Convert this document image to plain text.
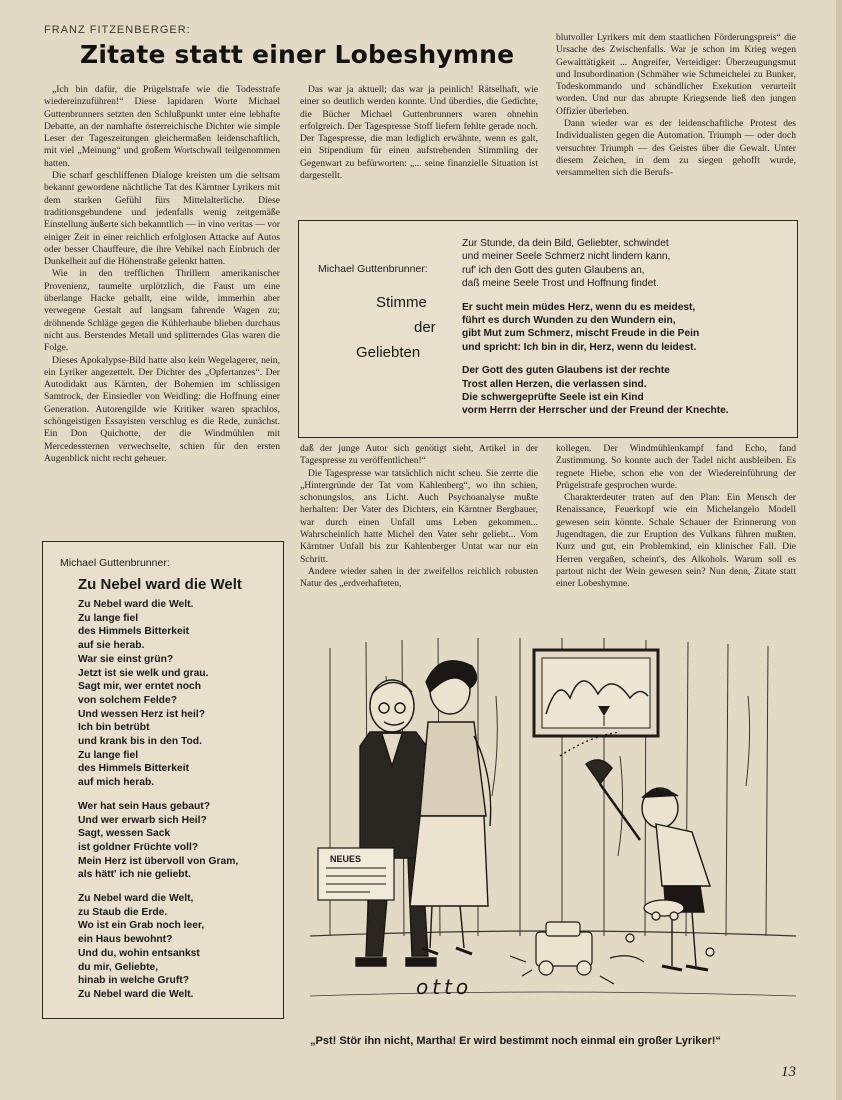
FRANZ FITZENBERGER:
Zitate statt einer Lobeshymne

„Ich bin dafür, die Prügelstrafe wie die Todesstrafe wiedereinzuführen!“ Diese lapidaren Worte Michael Guttenbrunners setzten den Schlußpunkt unter eine lebhafte Debatte, an der namhafte österreichische Dichter wie simple Leser der Tageszeitungen gleichermaßen leidenschaftlich, mit viel „Meinung“ und großem Wortschwall teilgenommen hatten.

Die scharf geschliffenen Dialoge kreisten um die seltsam bekannt gewordene nächtliche Tat des Kärntner Lyrikers mit dem starken Gefühl fürs Mittelalterliche. Diese traditionsgebundene und jedenfalls wenig zeitgemäße Einstellung äußerte sich bekanntlich — in vino veritas — vor einiger Zeit in einer reichlich erfolglosen Attacke auf Autos oder besser Chauffeure, die ihre Vehikel nach Einbruch der Dunkelheit auf die Höhenstraße gelenkt hatten.

Wie in den trefflichen Thrillern amerikanischer Provenienz, taumelte urplötzlich, die Faust um eine überlange Hacke geballt, eine wilde, immerhin aber verwegene Gestalt auf langsam fahrende Wagen zu; dröhnende Schläge gegen die Kühlerhaube blieben durchaus nicht aus. Berstendes Metall und splitterndes Glas waren die Folge.

Dieses Apokalypse-Bild hatte also kein Wegelagerer, nein, ein Lyriker angezettelt. Der Dichter des „Opfertanzes“. Der Autodidakt aus Kärnten, der Bohemien im schlissigen Samtrock, der Einsiedler von Weidling: die Hoffnung einer Generation. Autorengilde wie Kritiker waren sprachlos, schöngeistigen Essayisten verschlug es die Rede, zunächst. Ein Don Quichotte, der die Windmühlen mit Mercedessternen verwechselte, schien für den ersten Augenblick nicht recht geheuer.

Das war ja aktuell; das war ja peinlich! Rätselhaft, wie einer so deutlich werden konnte. Und überdies, die Gedichte, die Bücher Michael Guttenbrunners waren ohnehin erfolgreich. Der Tagespresse Stoff liefern fehlte gerade noch. Der Tagespresse, die man lediglich erwähnte, wenn es galt, ein Stipendium für einen aufstrebenden Stimmling der Gegenwart zu befürworten: „... seine finanzielle Situation ist dargestellt.

blutvoller Lyrikers mit dem staatlichen Förderungspreis“ die Ursache des Zwischenfalls. War je schon im Krieg wegen Gewalttätigkeit ... Angreifer, Verteidiger: Überzeugungsmut und Insubordination (Schmäher wie Schmeichelei zu Bunker, Todeskommando und schändlicher Exekution verurteilt worden. Und nur das abrupte Kriegsende ließ den jungen Offizier überleben.

Dann wieder war es der leidenschaftliche Protest des Individualisten gegen die Automation. Triumph — oder doch versuchter Triumph — des Geistes über die Gewalt. Unter diesem Zeichen, in dem zu siegen gehofft wurde, versammelten sich die Berufs-

Michael Guttenbrunner:
Stimme
der
Geliebten
Zur Stunde, da dein Bild, Geliebter, schwindet
und meiner Seele Schmerz nicht lindern kann,
ruf' ich den Gott des guten Glaubens an,
daß meine Seele Trost und Hoffnung findet.
Er sucht mein müdes Herz, wenn du es meidest,
führt es durch Wunden zu den Wundern ein,
gibt Mut zum Schmerz, mischt Freude in die Pein
und spricht: Ich bin in dir, Herz, wenn du leidest.
Der Gott des guten Glaubens ist der rechte
Trost allen Herzen, die verlassen sind.
Die schwergeprüfte Seele ist ein Kind
vorm Herrn der Herrscher und der Freund der Knechte.

daß der junge Autor sich genötigt sieht, Artikel in der Tagespresse zu veröffentlichen!“

Die Tagespresse war tatsächlich nicht scheu. Sie zerrte die „Hintergründe der Tat vom Kahlenberg“, wo ihn schien, schonungslos, ans Licht. Auch Psychoanalyse mußte herhalten: Der Vater des Dichters, ein Kärntner Bergbauer, war durch einen Unfall ums Leben gekommen... Wahrscheinlich hatte Michel den Vater sehr geliebt... Vom Kärntner Unfall bis zur Kahlenberger Untat war nur ein Schritt.

Andere wieder sahen in der zweifellos reichlich robusten Natur des „erdverhafteten,

kollegen. Der Windmühlenkampf fand Echo, fand Zustimmung. So konnte auch der Tadel nicht ausbleiben. Es regnete Hiebe, schon ehe von der Wiedereinführung der Prügelstrafe gesprochen wurde.

Charakterdeuter traten auf den Plan: Ein Mensch der Renaissance, Feuerkopf wie ein Michelangelo Modell gewesen sein könnte. Schale Schauer der Erinnerung von Jugendtagen, die zur Eruption des Vulkans führen mußten. Kurz und gut, ein Problemkind, ein klinischer Fall. Die Herren vergaßen, scheint's, des Alkohols. Warum soll es partout nicht der Wein gewesen sein? Nun denn, Zitate statt einer Lobeshymne.

Michael Guttenbrunner:
Zu Nebel ward die Welt
Zu Nebel ward die Welt.
Zu lange fiel
des Himmels Bitterkeit
auf sie herab.
War sie einst grün?
Jetzt ist sie welk und grau.
Sagt mir, wer erntet noch
von solchem Felde?
Und wessen Herz ist heil?
Ich bin betrübt
und krank bis in den Tod.
Zu lange fiel
des Himmels Bitterkeit
auf mich herab.
Wer hat sein Haus gebaut?
Und wer erwarb sich Heil?
Sagt, wessen Sack
ist goldner Früchte voll?
Mein Herz ist übervoll von Gram,
als hätt' ich nie geliebt.
Zu Nebel ward die Welt,
zu Staub die Erde.
Wo ist ein Grab noch leer,
ein Haus bewohnt?
Und du, wohin entsankst
du mir, Geliebte,
hinab in welche Gruft?
Zu Nebel ward die Welt.
NEUES
otto
„Pst! Stör ihn nicht, Martha! Er wird bestimmt noch einmal ein großer Lyriker!“
13
